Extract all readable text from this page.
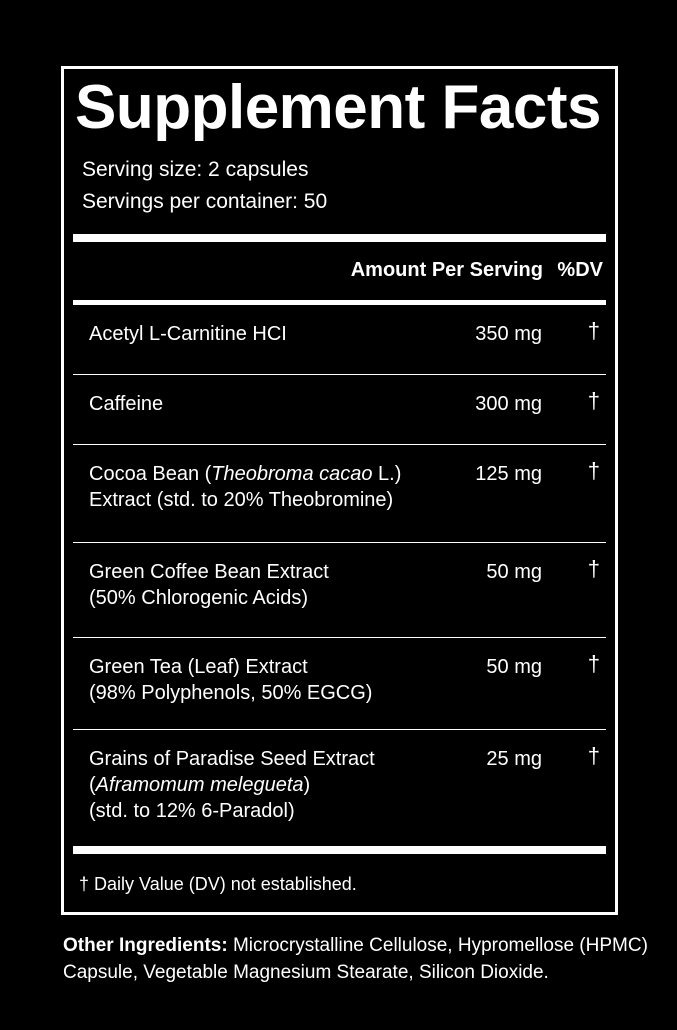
Supplement Facts
Serving size: 2 capsules
Servings per container: 50
Amount Per Serving %DV
Acetyl L-Carnitine HCI	350 mg †
Caffeine	300 mg †
Cocoa Bean (Theobroma cacao L.)
Extract (std. to 20% Theobromine)
125 mg †
Green Coffee Bean Extract
(50% Chlorogenic Acids)
50 mg †
Green Tea (Leaf) Extract
(98% Polyphenols, 50% EGCG)
50 mg †
Grains of Paradise Seed Extract
(Aframomum melegueta)
(std. to 12% 6-Paradol)
25 mg †
† Daily Value (DV) not established.
Other Ingredients: Microcrystalline Cellulose, Hypromellose (HPMC) Capsule, Vegetable Magnesium Stearate, Silicon Dioxide.
